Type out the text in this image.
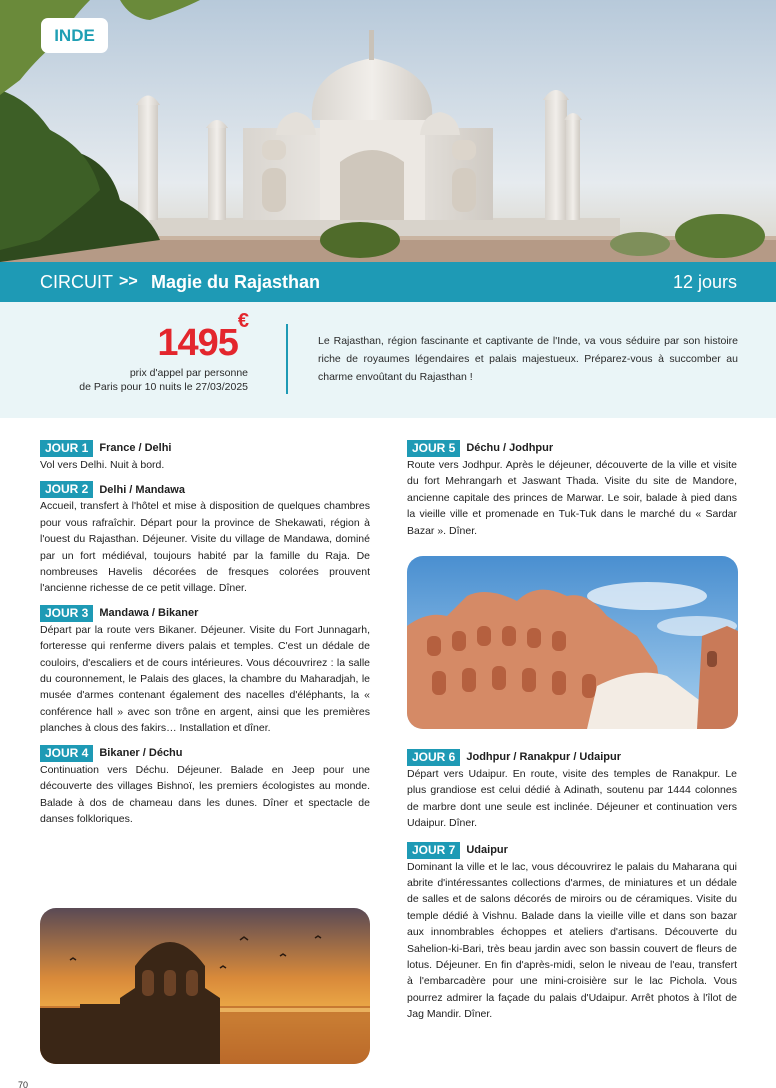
INDE
CIRCUIT >> Magie du Rajasthan	12 jours
1495€
prix d'appel par personne
de Paris pour 10 nuits le 27/03/2025

Le Rajasthan, région fascinante et captivante de l'Inde, va vous séduire par son histoire riche de royaumes légendaires et palais majestueux. Préparez-vous à succomber au charme envoûtant du Rajasthan !

JOUR 1	France / Delhi

Vol vers Delhi. Nuit à bord.

JOUR 2	Delhi / Mandawa

Accueil, transfert à l'hôtel et mise à disposition de quelques chambres pour vous rafraîchir. Départ pour la province de Shekawati, région à l'ouest du Rajasthan. Déjeuner. Visite du village de Mandawa, dominé par un fort médiéval, toujours habité par la famille du Raja. De nombreuses Havelis décorées de fresques colorées prouvent l'ancienne richesse de ce petit village. Dîner.

JOUR 3	Mandawa / Bikaner

Départ par la route vers Bikaner. Déjeuner. Visite du Fort Junnagarh, forteresse qui renferme divers palais et temples. C'est un dédale de couloirs, d'escaliers et de cours intérieures. Vous découvrirez : la salle du couronnement, le Palais des glaces, la chambre du Maharadjah, le musée d'armes contenant également des nacelles d'éléphants, la « conférence hall » avec son trône en argent, ainsi que les premières planches à clous des fakirs… Installation et dîner.

JOUR 4	Bikaner / Déchu

Continuation vers Déchu. Déjeuner. Balade en Jeep pour une découverte des villages Bishnoï, les premiers écologistes au monde. Balade à dos de chameau dans les dunes. Dîner et spectacle de danses folkloriques.

JOUR 5	Déchu / Jodhpur

Route vers Jodhpur. Après le déjeuner, découverte de la ville et visite du fort Mehrangarh et Jaswant Thada. Visite du site de Mandore, ancienne capitale des princes de Marwar. Le soir, balade à pied dans la vieille ville et promenade en Tuk-Tuk dans le marché du « Sardar Bazar ». Dîner.

JOUR 6	Jodhpur / Ranakpur / Udaipur

Départ vers Udaipur. En route, visite des temples de Ranakpur. Le plus grandiose est celui dédié à Adinath, soutenu par 1444 colonnes de marbre dont une seule est inclinée. Déjeuner et continuation vers Udaipur. Dîner.

JOUR 7	Udaipur

Dominant la ville et le lac, vous découvrirez le palais du Maharana qui abrite d'intéressantes collections d'armes, de miniatures et un dédale de salles et de salons décorés de miroirs ou de céramiques. Visite du temple dédié à Vishnu. Balade dans la vieille ville et dans son bazar aux innombrables échoppes et ateliers d'artisans. Découverte du Sahelion-ki-Bari, très beau jardin avec son bassin couvert de fleurs de lotus. Déjeuner. En fin d'après-midi, selon le niveau de l'eau, transfert à l'embarcadère pour une mini-croisière sur le lac Pichola. Vous pourrez admirer la façade du palais d'Udaipur. Arrêt photos à l'îlot de Jag Mandir. Dîner.

70
